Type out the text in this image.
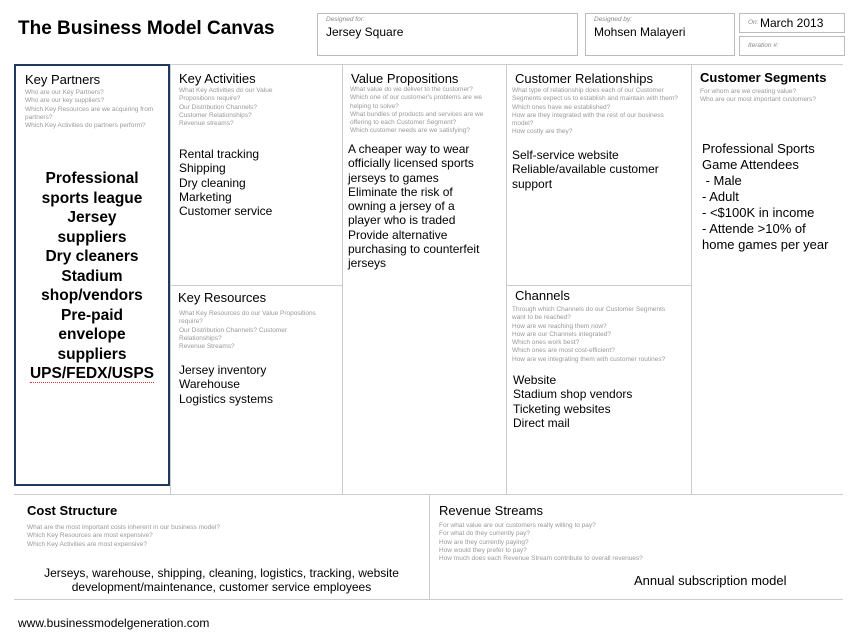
The Business Model Canvas	Designed for:
Jersey Square
Designed by:
Mohsen Malayeri
On: March 2013
Iteration #:
Key Partners
Who are our Key Partners?
Who are our key suppliers?
Which Key Resources are we acquiring from partners?
Which Key Activities do partners perform?
Professional
sports league
Jersey
suppliers
Dry cleaners
Stadium
shop/vendors
Pre-paid
envelope
suppliers
UPS/FEDX/USPS
Key Activities
What Key Activities do our Value
Propositions require?
Our Distribution Channels?
Customer Relationships?
Revenue streams?
Rental tracking
Shipping
Dry cleaning
Marketing
Customer service
Key Resources
What Key Resources do our Value Propositions
require?
Our Distribution Channels? Customer
Relationships?
Revenue Streams?
Jersey inventory
Warehouse
Logistics systems
Value Propositions
What value do we deliver to the customer?
Which one of our customer's problems are we
helping to solve?
What bundles of products and services are we
offering to each Customer Segment?
Which customer needs are we satisfying?
A cheaper way to wear
officially licensed sports
jerseys to games
Eliminate the risk of
owning a jersey of a
player who is traded
Provide alternative
purchasing to counterfeit
jerseys
Customer Relationships
What type of relationship does each of our Customer
Segments expect us to establish and maintain with them?
Which ones have we established?
How are they integrated with the rest of our business
model?
How costly are they?
Self-service website
Reliable/available customer
support
Channels
Through which Channels do our Customer Segments
want to be reached?
How are we reaching them now?
How are our Channels integrated?
Which ones work best?
Which ones are most cost-efficient?
How are we integrating them with customer routines?
Website
Stadium shop vendors
Ticketing websites
Direct mail
Customer Segments
For whom are we creating value?
Who are our most important customers?
Professional Sports
Game Attendees
- Male
- Adult
- <$100K in income
- Attende >10% of
home games per year
Cost Structure
What are the most important costs inherent in our business model?
Which Key Resources are most expensive?
Which Key Activities are most expensive?
Jerseys, warehouse, shipping, cleaning, logistics, tracking, website
development/maintenance, customer service employees
Revenue Streams
For what value are our customers really willing to pay?
For what do they currently pay?
How are they currently paying?
How would they prefer to pay?
How much does each Revenue Stream contribute to overall revenues?
Annual subscription model
www.businessmodelgeneration.com
